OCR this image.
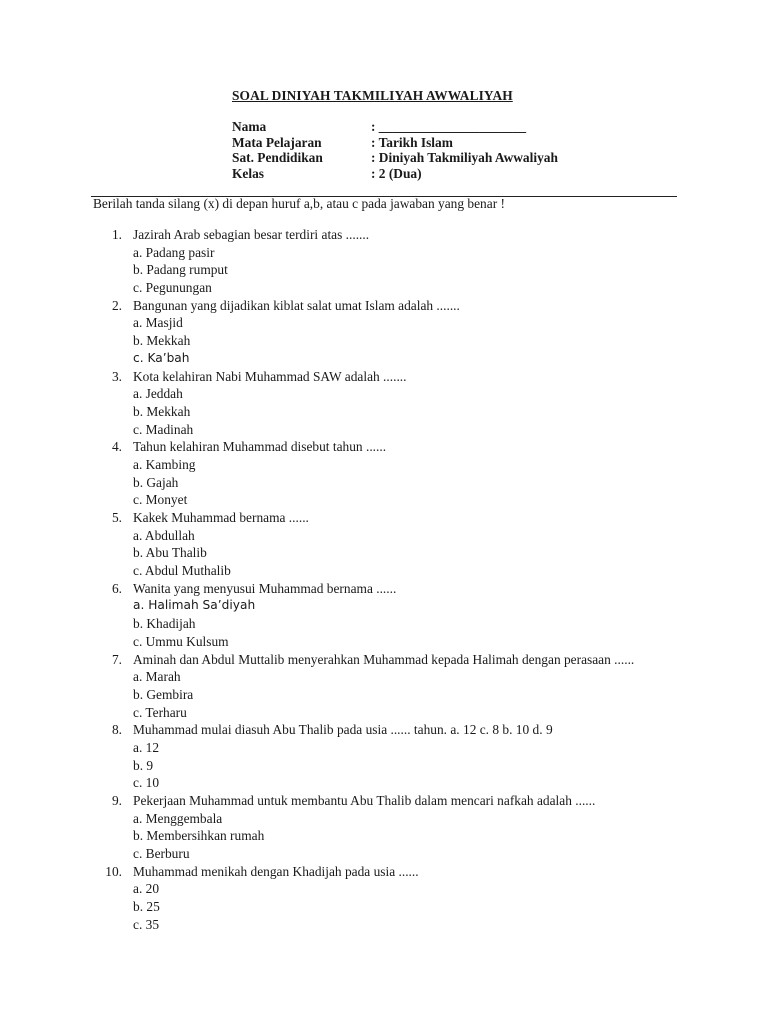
SOAL DINIYAH TAKMILIYAH AWWALIYAH
Nama	: ______________________
Mata Pelajaran	: Tarikh Islam
Sat. Pendidikan	: Diniyah Takmiliyah Awwaliyah
Kelas	: 2 (Dua)
Berilah tanda silang (x) di depan huruf a,b, atau c pada jawaban yang benar !
1. Jazirah Arab sebagian besar terdiri atas .......
a. Padang pasir
b. Padang rumput
c. Pegunungan
2. Bangunan yang dijadikan kiblat salat umat Islam adalah .......
a. Masjid
b. Mekkah
c. Ka’bah
3. Kota kelahiran Nabi Muhammad SAW adalah .......
a. Jeddah
b. Mekkah
c. Madinah
4. Tahun kelahiran Muhammad disebut tahun ......
a. Kambing
b. Gajah
c. Monyet
5. Kakek Muhammad bernama ......
a. Abdullah
b. Abu Thalib
c. Abdul Muthalib
6. Wanita yang menyusui Muhammad bernama ......
a. Halimah Sa’diyah
b. Khadijah
c. Ummu Kulsum
7. Aminah dan Abdul Muttalib menyerahkan Muhammad kepada Halimah dengan perasaan ......
a. Marah
b. Gembira
c. Terharu
8. Muhammad mulai diasuh Abu Thalib pada usia ...... tahun. a. 12 c. 8 b. 10 d. 9
a. 12
b. 9
c. 10
9. Pekerjaan Muhammad untuk membantu Abu Thalib dalam mencari nafkah adalah ......
a. Menggembala
b. Membersihkan rumah
c. Berburu
10. Muhammad menikah dengan Khadijah pada usia ......
a. 20
b. 25
c. 35
